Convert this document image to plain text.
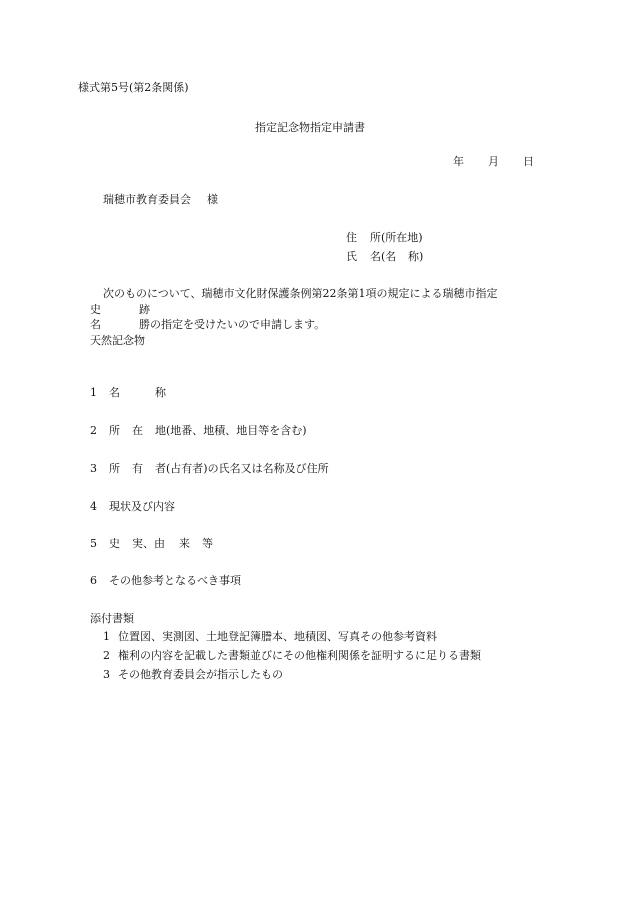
様式第5号(第2条関係)
指定記念物指定申請書
年 月 日
瑞穂市教育委員会 様
住 所(所在地)
氏 名(名 称)
次のものについて、瑞穂市文化財保護条例第22条第1項の規定による瑞穂市指定
史	跡
名	勝の指定を受けたいので申請します。
天然記念物
1 名	称
2 所 在 地(地番、地積、地目等を含む)
3 所 有 者(占有者)の氏名又は名称及び住所
4 現状及び内容
5 史 実、由 来 等
6 その他参考となるべき事項
添付書類
1 位置図、実測図、土地登記簿謄本、地積図、写真その他参考資料
2 権利の内容を記載した書類並びにその他権利関係を証明するに足りる書類
3 その他教育委員会が指示したもの
